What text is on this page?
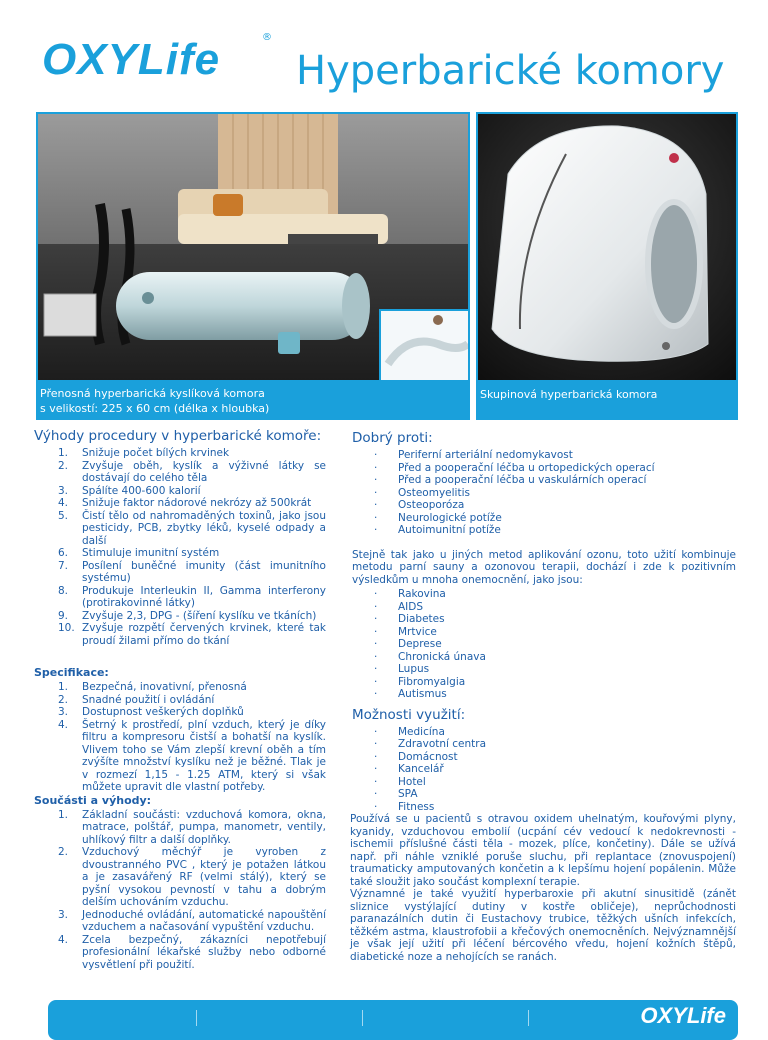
OXYLife	®
Hyperbarické komory
Přenosná hyperbarická kyslíková komora
s velikostí: 225 x 60 cm (délka x hloubka)
Skupinová hyperbarická komora
Výhody procedury v hyperbarické komoře:
1.	Snižuje počet bílých krvinek
2.	Zvyšuje oběh, kyslík a výživné látky se dostávají do celého těla
3.	Spálíte 400-600 kalorií
4.	Snižuje faktor nádorové nekrózy až 500krát
5.	Čistí tělo od nahromaděných toxinů, jako jsou pesticidy, PCB, zbytky léků, kyselé odpady a další
6.	Stimuluje imunitní systém
7.	Posílení buněčné imunity (část imunitního systému)
8.	Produkuje Interleukin II, Gamma interferony (protirakovinné látky)
9.	Zvyšuje 2,3, DPG - (šíření kyslíku ve tkáních)
10. Zvyšuje rozpětí červených krvinek, které tak proudí žilami přímo do tkání
Specifikace:
1.	Bezpečná, inovativní, přenosná
2.	Snadné použití i ovládání
3.	Dostupnost veškerých doplňků
4.	Šetrný k prostředí, plní vzduch, který je díky filtru a kompresoru čistší a bohatší na kyslík. Vlivem toho se Vám zlepší krevní oběh a tím zvýšíte množství kyslíku než je běžné. Tlak je v rozmezí 1,15 - 1.25 ATM, který si však můžete upravit dle vlastní potřeby.
Součásti a výhody:
1.	Základní součásti: vzduchová komora, okna, matrace, polštář, pumpa, manometr, ventily, uhlíkový filtr a další doplňky.
2.	Vzduchový měchýř je vyroben z dvoustranného PVC , který je potažen látkou a je zasavářený RF (velmi stálý), který se pyšní vysokou pevností v tahu a dobrým delším uchováním vzduchu.
3.	Jednoduché ovládání, automatické napouštění vzduchem a načasování vypuštění vzduchu.
4.	Zcela bezpečný, zákazníci nepotřebují profesionální lékařské služby nebo odborné vysvětlení při použití.
Dobrý proti:
· Periferní arteriální nedomykavost
· Před a pooperační léčba u ortopedických operací
· Před a pooperační léčba u vaskulárních operací
· Osteomyelitis
· Osteoporóza
· Neurologické potíže
· Autoimunitní potíže

Stejně tak jako u jiných metod aplikování ozonu, toto užití kombinuje metodu parní sauny a ozonovou terapii, dochází i zde k pozitivním výsledkům u mnoha onemocnění, jako jsou:

· Rakovina
· AIDS
· Diabetes
· Mrtvice
· Deprese
· Chronická únava
· Lupus
· Fibromyalgia
· Autismus
Možnosti využití:
· Medicína
· Zdravotní centra
· Domácnost
· Kancelář
· Hotel
· SPA
· Fitness

Používá se u pacientů s otravou oxidem uhelnatým, kouřovými plyny, kyanidy, vzduchovou embolií (ucpání cév vedoucí k nedokrevnosti - ischemii příslušné části těla - mozek, plíce, končetiny). Dále se užívá např. při náhle vzniklé poruše sluchu, při replantace (znovuspojení) traumaticky amputovaných končetin a k lepšímu hojení popálenin. Může také sloužit jako součást komplexní terapie.

Významné je také využití hyperbaroxie při akutní sinusitidě (zánět sliznice vystýlající dutiny v kostře obličeje), neprůchodnosti paranazálních dutin či Eustachovy trubice, těžkých ušních infekcích, těžkém astma, klaustrofobii a křečových onemocněních. Nejvýznamnější je však její užití při léčení bércového vředu, hojení kožních štěpů, diabetické noze a nehojících se ranách.

OXYLife
